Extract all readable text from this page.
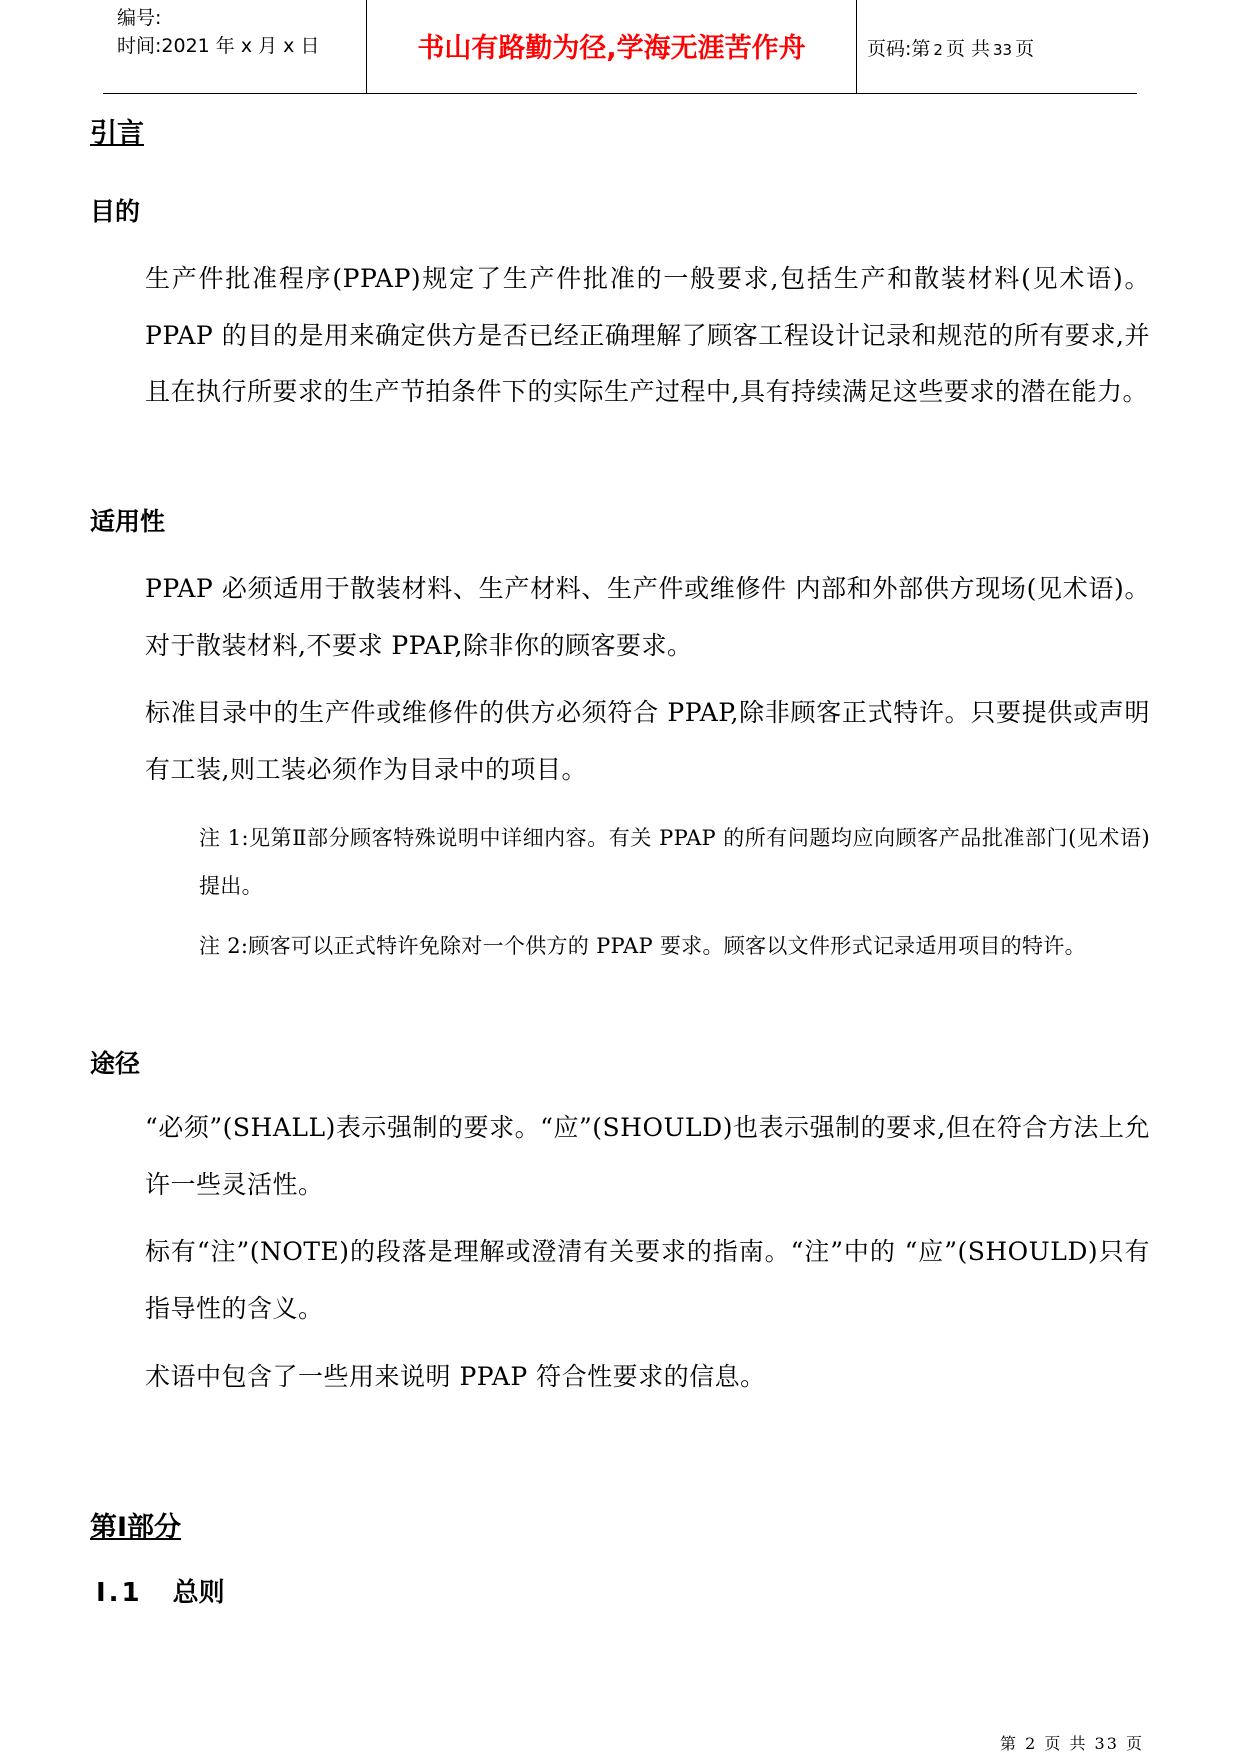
编号:
时间:2021 年 x 月 x 日	书山有路勤为径,学海无涯苦作舟	页码:第 2 页 共 33 页
引言
目的
生产件批准程序(PPAP)规定了生产件批准的一般要求,包括生产和散装材料(见术语)。PPAP 的目的是用来确定供方是否已经正确理解了顾客工程设计记录和规范的所有要求,并且在执行所要求的生产节拍条件下的实际生产过程中,具有持续满足这些要求的潜在能力。
适用性
PPAP 必须适用于散装材料、生产材料、生产件或维修件 内部和外部供方现场(见术语)。对于散装材料,不要求 PPAP,除非你的顾客要求。
标准目录中的生产件或维修件的供方必须符合 PPAP,除非顾客正式特许。只要提供或声明有工装,则工装必须作为目录中的项目。
注 1:见第Ⅱ部分顾客特殊说明中详细内容。有关 PPAP 的所有问题均应向顾客产品批准部门(见术语)提出。
注 2:顾客可以正式特许免除对一个供方的 PPAP 要求。顾客以文件形式记录适用项目的特许。
途径
“必须”(SHALL)表示强制的要求。“应”(SHOULD)也表示强制的要求,但在符合方法上允许一些灵活性。
标有“注”(NOTE)的段落是理解或澄清有关要求的指南。“注”中的 “应”(SHOULD)只有指导性的含义。
术语中包含了一些用来说明 PPAP 符合性要求的信息。
第Ⅰ部分
Ⅰ.1 总则
第 2 页 共 33 页
